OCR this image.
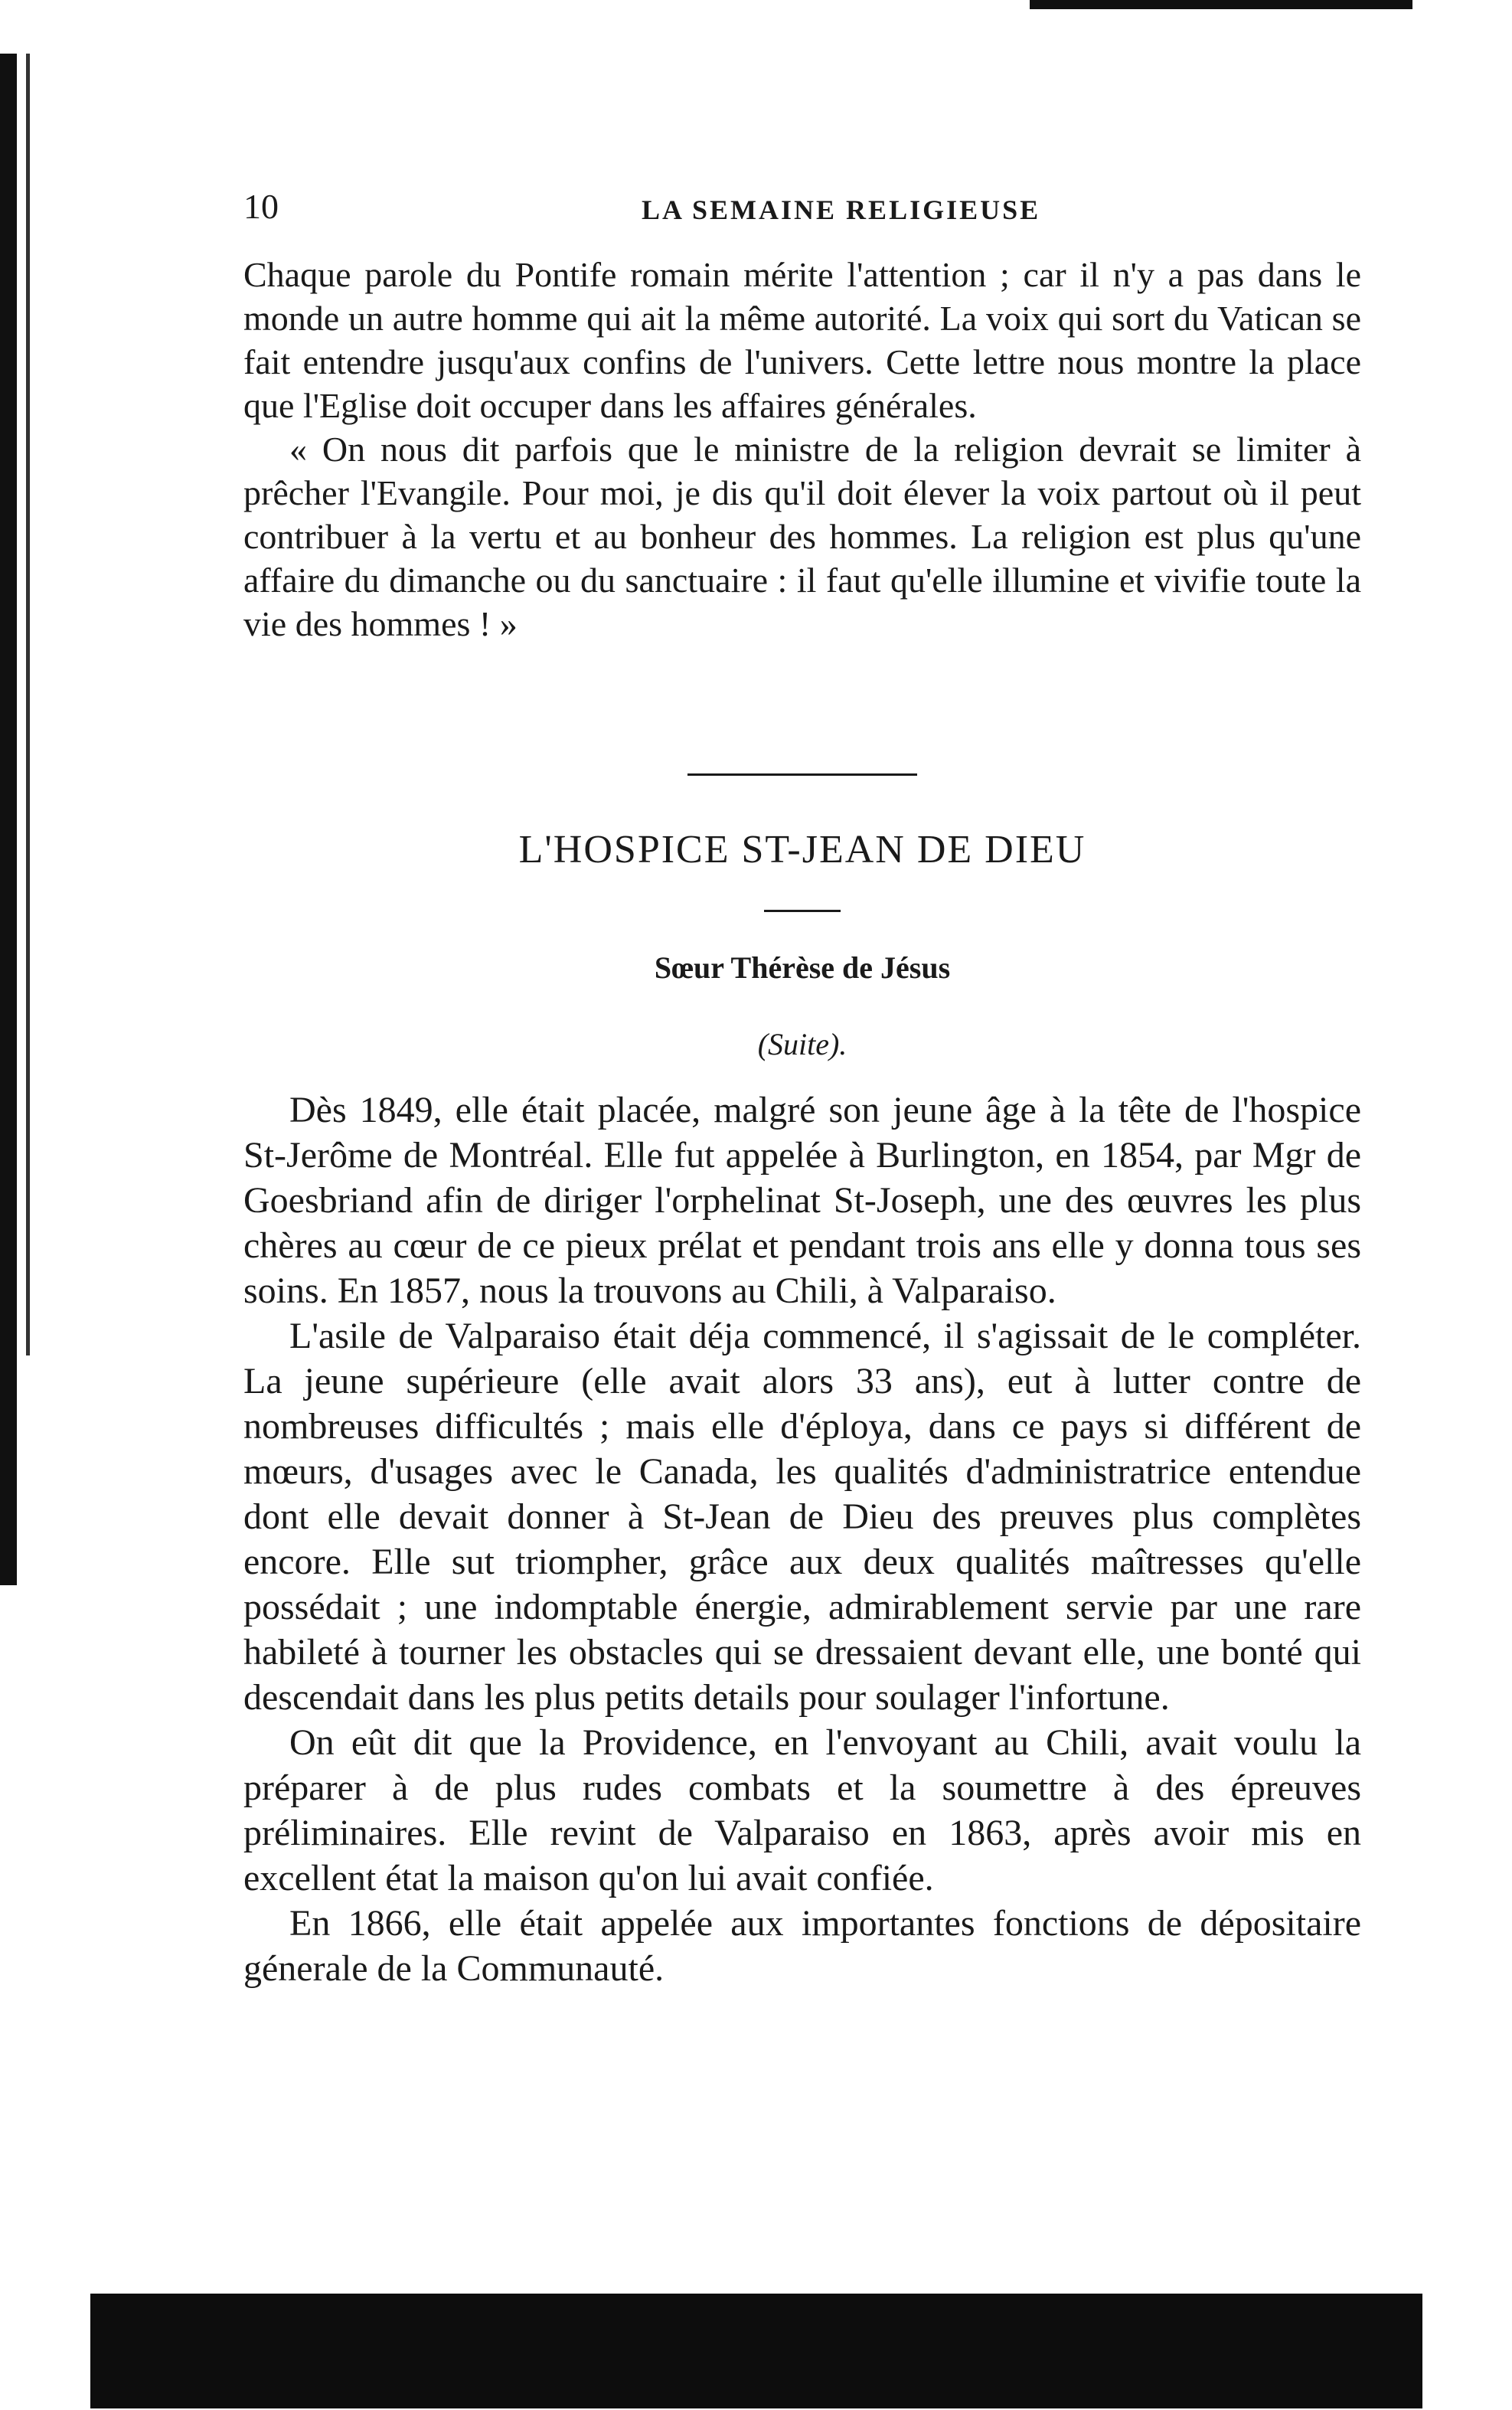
10	LA SEMAINE RELIGIEUSE

Chaque parole du Pontife romain mérite l'attention ; car il n'y a pas dans le monde un autre homme qui ait la même autorité. La voix qui sort du Vatican se fait entendre jusqu'aux confins de l'univers. Cette lettre nous montre la place que l'Eglise doit occuper dans les affaires générales.

« On nous dit parfois que le ministre de la religion devrait se limiter à prêcher l'Evangile. Pour moi, je dis qu'il doit élever la voix partout où il peut contribuer à la vertu et au bonheur des hommes. La religion est plus qu'une affaire du dimanche ou du sanctuaire : il faut qu'elle illumine et vivifie toute la vie des hommes ! »

L'HOSPICE ST-JEAN DE DIEU
Sœur Thérèse de Jésus
(Suite).

Dès 1849, elle était placée, malgré son jeune âge à la tête de l'hospice St-Jerôme de Montréal. Elle fut appelée à Burlington, en 1854, par Mgr de Goesbriand afin de diriger l'orphelinat St-Joseph, une des œuvres les plus chères au cœur de ce pieux prélat et pendant trois ans elle y donna tous ses soins. En 1857, nous la trouvons au Chili, à Valparaiso.

L'asile de Valparaiso était déja commencé, il s'agissait de le compléter. La jeune supérieure (elle avait alors 33 ans), eut à lutter contre de nombreuses difficultés ; mais elle d'éploya, dans ce pays si différent de mœurs, d'usages avec le Canada, les qualités d'administratrice entendue dont elle devait donner à St-Jean de Dieu des preuves plus complètes encore. Elle sut triompher, grâce aux deux qualités maîtresses qu'elle possédait ; une indomptable énergie, admirablement servie par une rare habileté à tourner les obstacles qui se dressaient devant elle, une bonté qui descendait dans les plus petits details pour soulager l'infortune.

On eût dit que la Providence, en l'envoyant au Chili, avait voulu la préparer à de plus rudes combats et la soumettre à des épreuves préliminaires. Elle revint de Valparaiso en 1863, après avoir mis en excellent état la maison qu'on lui avait confiée.

En 1866, elle était appelée aux importantes fonctions de dépositaire génerale de la Communauté.
